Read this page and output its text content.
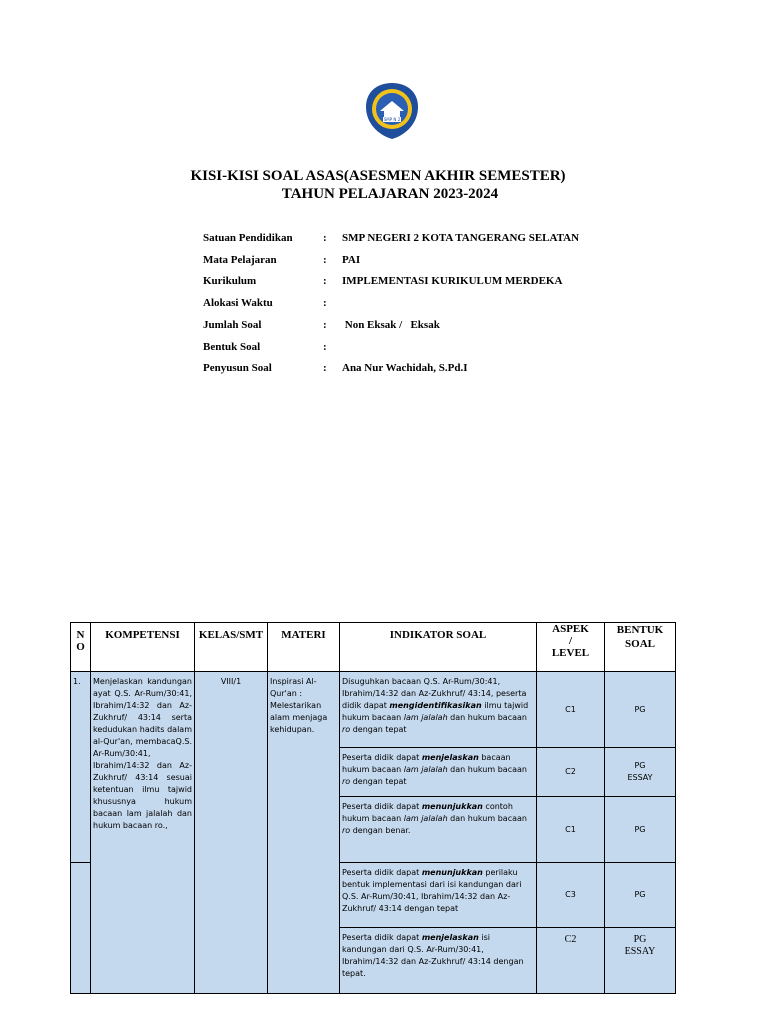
SMP N 2
KISI-KISI SOAL ASAS(ASESMEN AKHIR SEMESTER)
TAHUN PELAJARAN 2023-2024
Satuan Pendidikan	: SMP NEGERI 2 KOTA TANGERANG SELATAN
Mata Pelajaran	: PAI
Kurikulum	: IMPLEMENTASI KURIKULUM MERDEKA
Alokasi Waktu	:
Jumlah Soal	: Non Eksak /   Eksak
Bentuk Soal	:
Penyusun Soal	: Ana Nur Wachidah, S.Pd.I
N O	KOMPETENSI	KELAS/SMT	MATERI	INDIKATOR SOAL	ASPEK / LEVEL	BENTUK SOAL

1.	Menjelaskan kandungan ayat Q.S. Ar-Rum/30:41, Ibrahim/14:32 dan Az-Zukhruf/ 43:14 serta kedudukan hadits dalam al-Qur'an, membacaQ.S. Ar-Rum/30:41, Ibrahim/14:32 dan Az-Zukhruf/ 43:14 sesuai ketentuan ilmu tajwid khususnya hukum bacaan lam jalalah dan hukum bacaan ro.,	VIII/1	Inspirasi Al-Qur'an : Melestarikan alam menjaga kehidupan.	Disuguhkan bacaan Q.S. Ar-Rum/30:41, Ibrahim/14:32 dan Az-Zukhruf/ 43:14, peserta didik dapat mengidentifikasikan ilmu tajwid hukum bacaan lam jalalah dan hukum bacaan ro dengan tepat	C1	PG

				Peserta didik dapat menjelaskan bacaan hukum bacaan lam jalalah dan hukum bacaan ro dengan tepat	C2	PG
ESSAY

				Peserta didik dapat menunjukkan contoh hukum bacaan lam jalalah dan hukum bacaan ro dengan benar.	C1	PG

				Peserta didik dapat menunjukkan perilaku bentuk implementasi dari isi kandungan dari Q.S. Ar-Rum/30:41, Ibrahim/14:32 dan Az-Zukhruf/ 43:14 dengan tepat	C3	PG

				Peserta didik dapat menjelaskan isi kandungan dari Q.S. Ar-Rum/30:41, Ibrahim/14:32 dan Az-Zukhruf/ 43:14 dengan tepat.	C2	PG
ESSAY
